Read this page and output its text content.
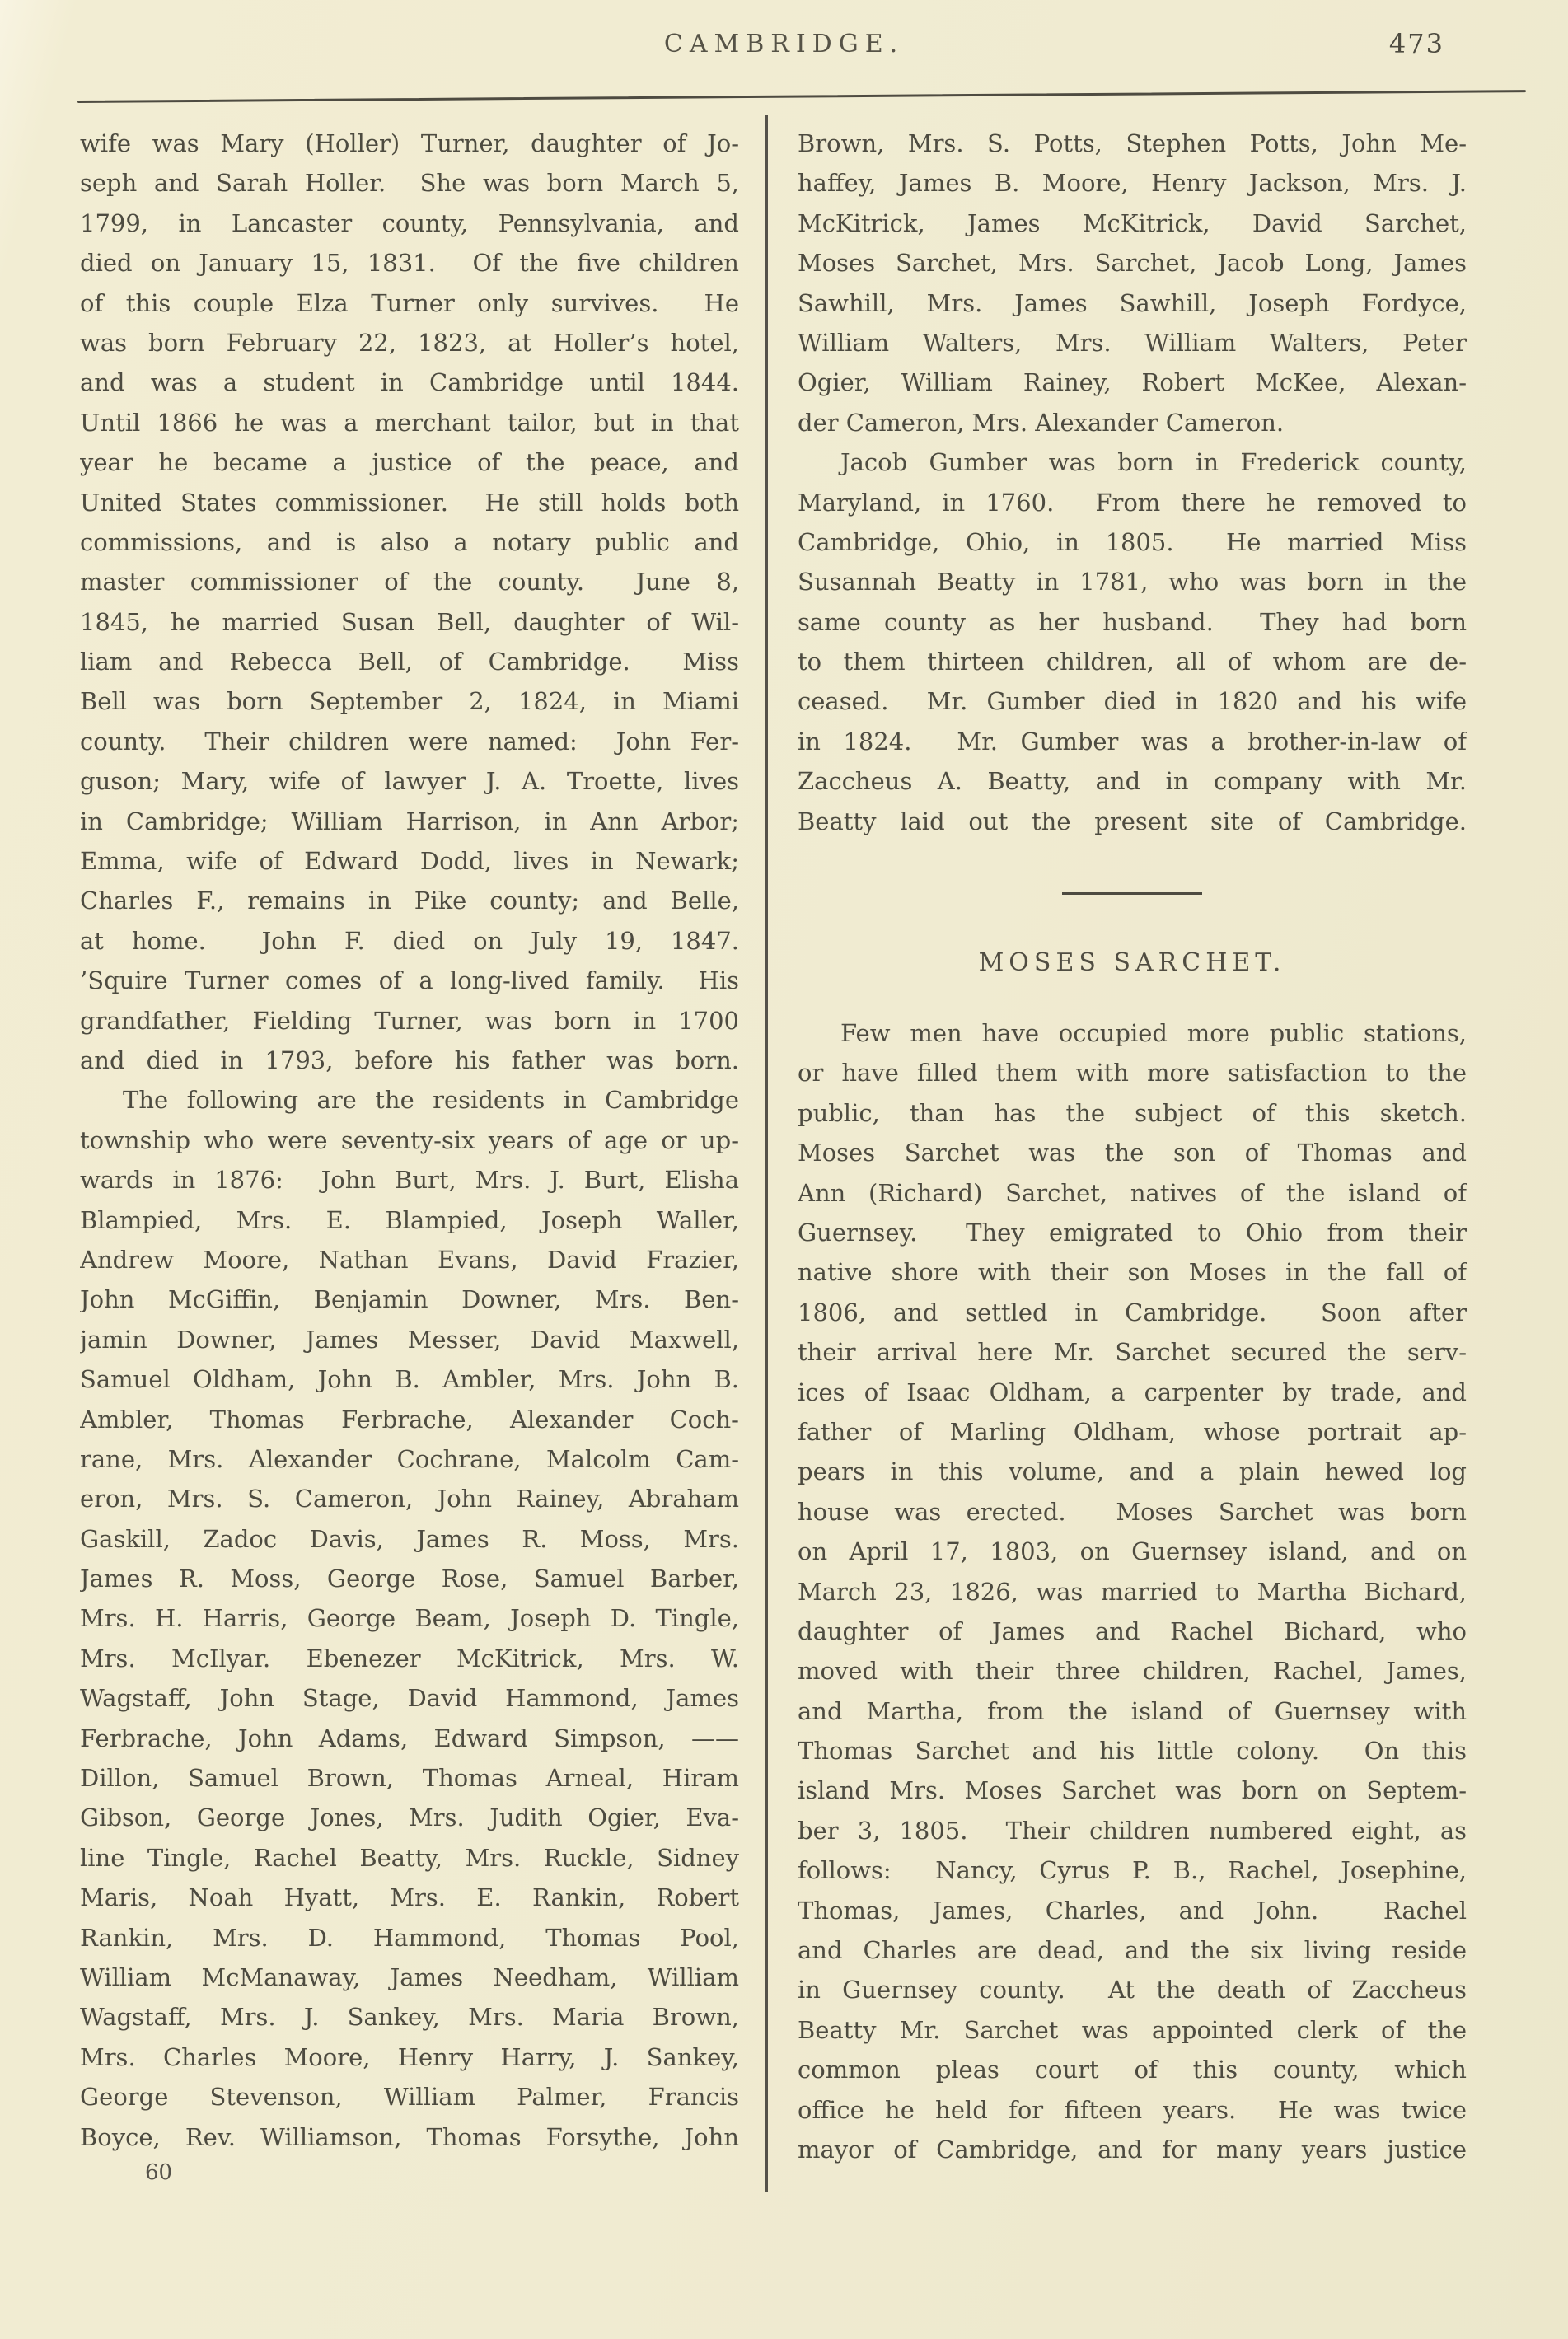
CAMBRIDGE.	473
wife was Mary (Holler) Turner, daughter of Jo-
seph and Sarah Holler.  She was born March 5,
1799, in Lancaster county, Pennsylvania, and
died on January 15, 1831.  Of the five children
of this couple Elza Turner only survives.  He
was born February 22, 1823, at Holler’s hotel,
and was a student in Cambridge until 1844.
Until 1866 he was a merchant tailor, but in that
year he became a justice of the peace, and
United States commissioner.  He still holds both
commissions, and is also a notary public and
master commissioner of the county.  June 8,
1845, he married Susan Bell, daughter of Wil-
liam and Rebecca Bell, of Cambridge.  Miss
Bell was born September 2, 1824, in Miami
county.  Their children were named:  John Fer-
guson; Mary, wife of lawyer J. A. Troette, lives
in Cambridge; William Harrison, in Ann Arbor;
Emma, wife of Edward Dodd, lives in Newark;
Charles F., remains in Pike county; and Belle,
at home.  John F. died on July 19, 1847.
’Squire Turner comes of a long-lived family.  His
grandfather, Fielding Turner, was born in 1700
and died in 1793, before his father was born.
The following are the residents in Cambridge
township who were seventy-six years of age or up-
wards in 1876:  John Burt, Mrs. J. Burt, Elisha
Blampied, Mrs. E. Blampied, Joseph Waller,
Andrew Moore, Nathan Evans, David Frazier,
John McGiffin, Benjamin Downer, Mrs. Ben-
jamin Downer, James Messer, David Maxwell,
Samuel Oldham, John B. Ambler, Mrs. John B.
Ambler, Thomas Ferbrache, Alexander Coch-
rane, Mrs. Alexander Cochrane, Malcolm Cam-
eron, Mrs. S. Cameron, John Rainey, Abraham
Gaskill, Zadoc Davis, James R. Moss, Mrs.
James R. Moss, George Rose, Samuel Barber,
Mrs. H. Harris, George Beam, Joseph D. Tingle,
Mrs. McIlyar. Ebenezer McKitrick, Mrs. W.
Wagstaff, John Stage, David Hammond, James
Ferbrache, John Adams, Edward Simpson, ——
Dillon, Samuel Brown, Thomas Arneal, Hiram
Gibson, George Jones, Mrs. Judith Ogier, Eva-
line Tingle, Rachel Beatty, Mrs. Ruckle, Sidney
Maris, Noah Hyatt, Mrs. E. Rankin, Robert
Rankin, Mrs. D. Hammond, Thomas Pool,
William McManaway, James Needham, William
Wagstaff, Mrs. J. Sankey, Mrs. Maria Brown,
Mrs. Charles Moore, Henry Harry, J. Sankey,
George Stevenson, William Palmer, Francis
Boyce, Rev. Williamson, Thomas Forsythe, John
Brown, Mrs. S. Potts, Stephen Potts, John Me-
haffey, James B. Moore, Henry Jackson, Mrs. J.
McKitrick, James McKitrick, David Sarchet,
Moses Sarchet, Mrs. Sarchet, Jacob Long, James
Sawhill, Mrs. James Sawhill, Joseph Fordyce,
William Walters, Mrs. William Walters, Peter
Ogier, William Rainey, Robert McKee, Alexan-
der Cameron, Mrs. Alexander Cameron.
Jacob Gumber was born in Frederick county,
Maryland, in 1760.  From there he removed to
Cambridge, Ohio, in 1805.  He married Miss
Susannah Beatty in 1781, who was born in the
same county as her husband.  They had born
to them thirteen children, all of whom are de-
ceased.  Mr. Gumber died in 1820 and his wife
in 1824.  Mr. Gumber was a brother-in-law of
Zaccheus A. Beatty, and in company with Mr.
Beatty laid out the present site of Cambridge.
MOSES SARCHET.
Few men have occupied more public stations,
or have filled them with more satisfaction to the
public, than has the subject of this sketch.
Moses Sarchet was the son of Thomas and
Ann (Richard) Sarchet, natives of the island of
Guernsey.  They emigrated to Ohio from their
native shore with their son Moses in the fall of
1806, and settled in Cambridge.  Soon after
their arrival here Mr. Sarchet secured the serv-
ices of Isaac Oldham, a carpenter by trade, and
father of Marling Oldham, whose portrait ap-
pears in this volume, and a plain hewed log
house was erected.  Moses Sarchet was born
on April 17, 1803, on Guernsey island, and on
March 23, 1826, was married to Martha Bichard,
daughter of James and Rachel Bichard, who
moved with their three children, Rachel, James,
and Martha, from the island of Guernsey with
Thomas Sarchet and his little colony.  On this
island Mrs. Moses Sarchet was born on Septem-
ber 3, 1805.  Their children numbered eight, as
follows:  Nancy, Cyrus P. B., Rachel, Josephine,
Thomas, James, Charles, and John.  Rachel
and Charles are dead, and the six living reside
in Guernsey county.  At the death of Zaccheus
Beatty Mr. Sarchet was appointed clerk of the
common pleas court of this county, which
office he held for fifteen years.  He was twice
mayor of Cambridge, and for many years justice
60
